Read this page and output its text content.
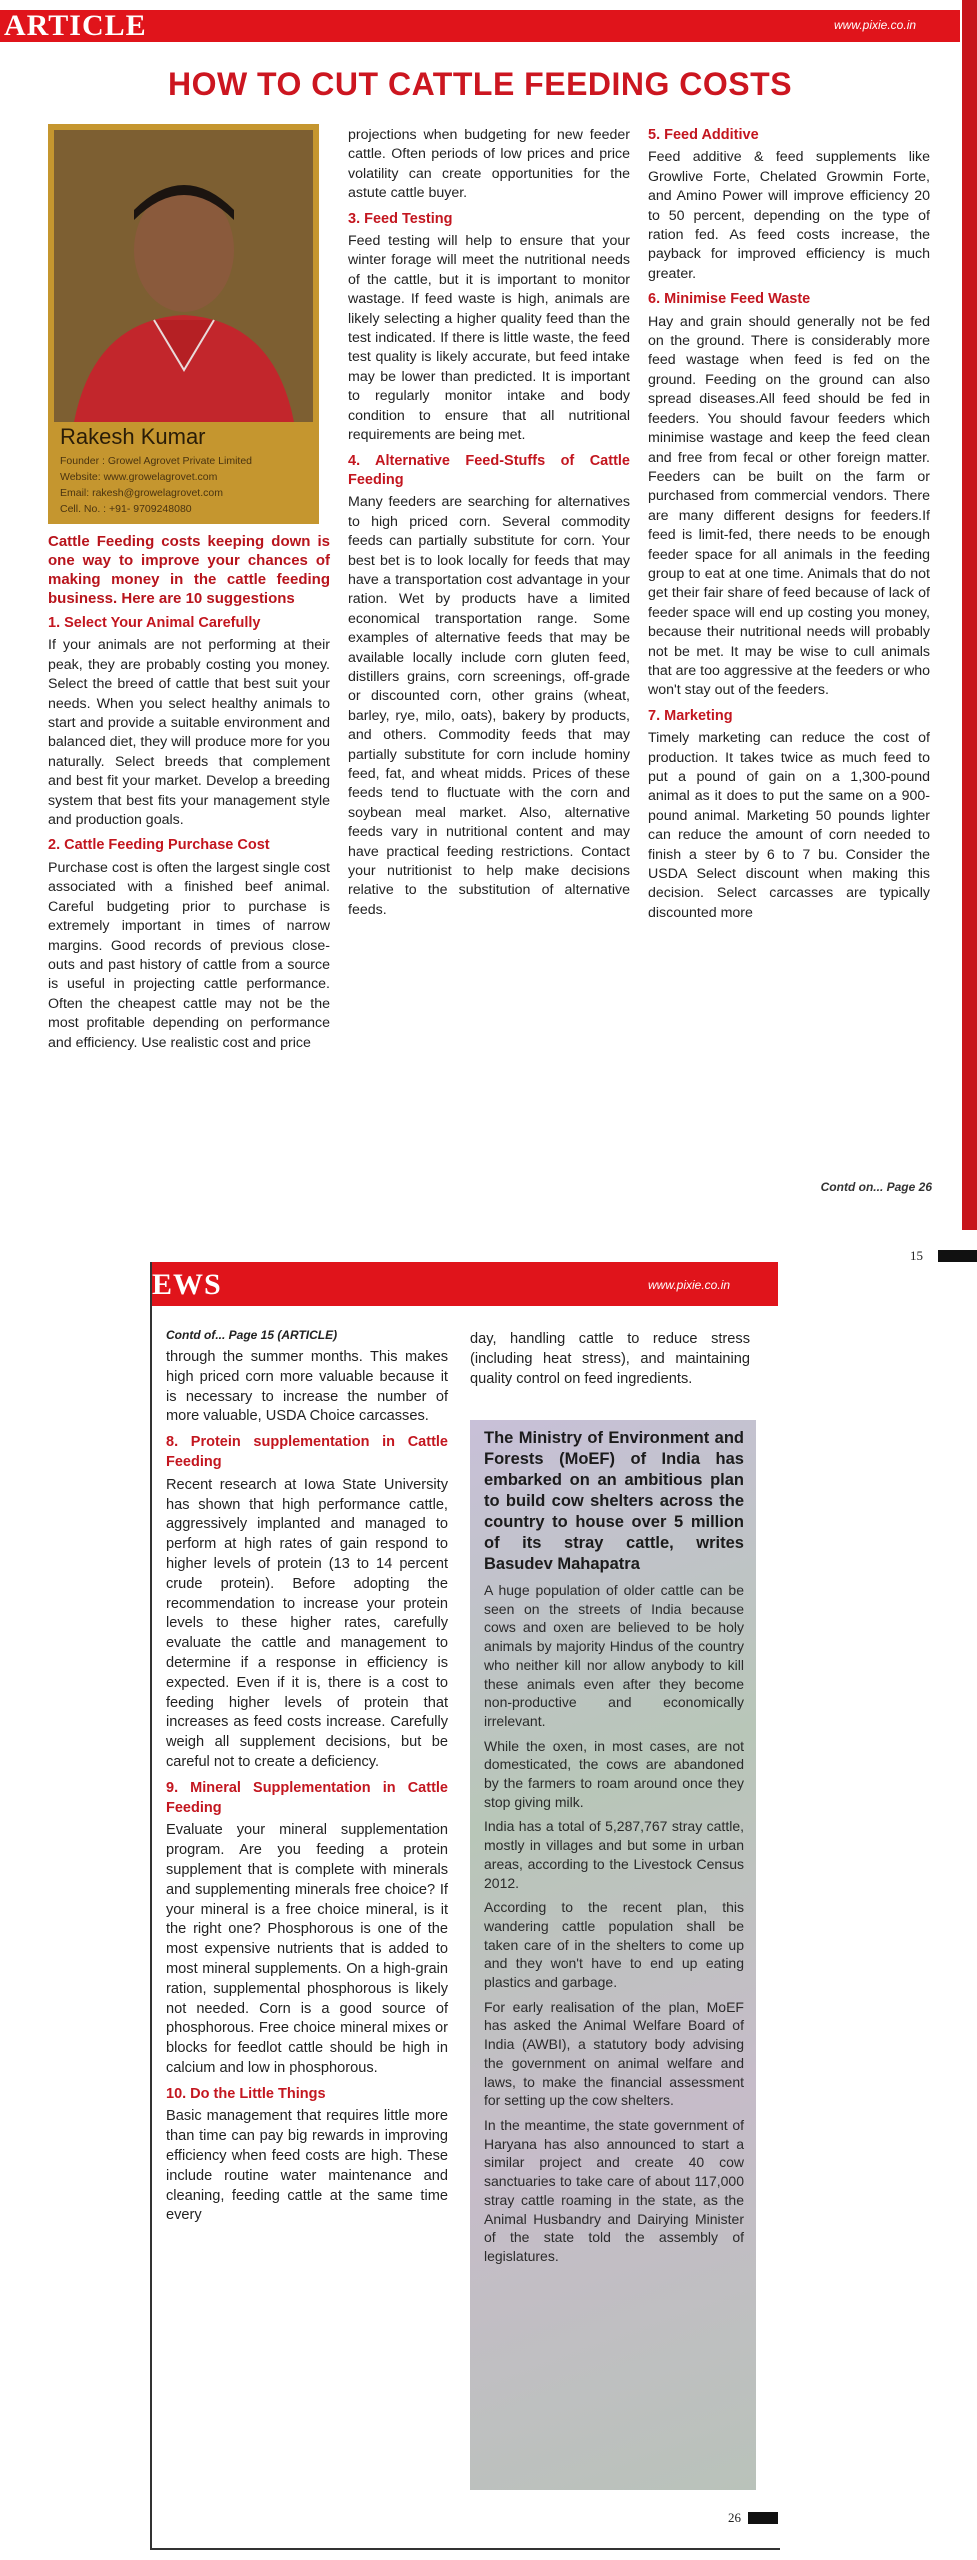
ARTICLE	www.pixie.co.in
HOW TO CUT CATTLE FEEDING COSTS
Rakesh Kumar
Founder : Growel Agrovet Private Limited
Website: www.growelagrovet.com
Email: rakesh@growelagrovet.com
Cell. No. : +91- 9709248080

Cattle Feeding costs keeping down is one way to improve your chances of making money in the cattle feeding business. Here are 10 suggestions

1. Select Your Animal Carefully

If your animals are not performing at their peak, they are probably costing you money. Select the breed of cattle that best suit your needs. When you select healthy animals to start and provide a suitable environment and balanced diet, they will produce more for you naturally. Select breeds that complement and best fit your market. Develop a breeding system that best fits your management style and production goals.

2. Cattle Feeding Purchase Cost

Purchase cost is often the largest single cost associated with a finished beef animal. Careful budgeting prior to purchase is extremely important in times of narrow margins. Good records of previous close-outs and past history of cattle from a source is useful in projecting cattle performance. Often the cheapest cattle may not be the most profitable depending on performance and efficiency. Use realistic cost and price

projections when budgeting for new feeder cattle. Often periods of low prices and price volatility can create opportunities for the astute cattle buyer.

3. Feed Testing

Feed testing will help to ensure that your winter forage will meet the nutritional needs of the cattle, but it is important to monitor wastage. If feed waste is high, animals are likely selecting a higher quality feed than the test indicated. If there is little waste, the feed test quality is likely accurate, but feed intake may be lower than predicted. It is important to regularly monitor intake and body condition to ensure that all nutritional requirements are being met.

4. Alternative Feed-Stuffs of Cattle Feeding

Many feeders are searching for alternatives to high priced corn. Several commodity feeds can partially substitute for corn. Your best bet is to look locally for feeds that may have a transportation cost advantage in your ration. Wet by products have a limited economical transportation range. Some examples of alternative feeds that may be available locally include corn gluten feed, distillers grains, corn screenings, off-grade or discounted corn, other grains (wheat, barley, rye, milo, oats), bakery by products, and others. Commodity feeds that may partially substitute for corn include hominy feed, fat, and wheat midds. Prices of these feeds tend to fluctuate with the corn and soybean meal market. Also, alternative feeds vary in nutritional content and may have practical feeding restrictions. Contact your nutritionist to help make decisions relative to the substitution of alternative feeds.

5. Feed Additive

Feed additive & feed supplements like Growlive Forte, Chelated Growmin Forte, and Amino Power will improve efficiency 20 to 50 percent, depending on the type of ration fed. As feed costs increase, the payback for improved efficiency is much greater.

6. Minimise Feed Waste

Hay and grain should generally not be fed on the ground. There is considerably more feed wastage when feed is fed on the ground. Feeding on the ground can also spread diseases.All feed should be fed in feeders. You should favour feeders which minimise wastage and keep the feed clean and free from fecal or other foreign matter. Feeders can be built on the farm or purchased from commercial vendors. There are many different designs for feeders.If feed is limit-fed, there needs to be enough feeder space for all animals in the feeding group to eat at one time. Animals that do not get their fair share of feed because of lack of feeder space will end up costing you money, because their nutritional needs will probably not be met. It may be wise to cull animals that are too aggressive at the feeders or who won't stay out of the feeders.

7. Marketing

Timely marketing can reduce the cost of production. It takes twice as much feed to put a pound of gain on a 1,300-pound animal as it does to put the same on a 900-pound animal. Marketing 50 pounds lighter can reduce the amount of corn needed to finish a steer by 6 to 7 bu. Consider the USDA Select discount when making this decision. Select carcasses are typically discounted more

Contd on... Page 26
15
EWS	www.pixie.co.in
Contd of... Page 15 (ARTICLE)

through the summer months. This makes high priced corn more valuable because it is necessary to increase the number of more valuable, USDA Choice carcasses.

8. Protein supplementation in Cattle Feeding

Recent research at Iowa State University has shown that high performance cattle, aggressively implanted and managed to perform at high rates of gain respond to higher levels of protein (13 to 14 percent crude protein). Before adopting the recommendation to increase your protein levels to these higher rates, carefully evaluate the cattle and management to determine if a response in efficiency is expected. Even if it is, there is a cost to feeding higher levels of protein that increases as feed costs increase. Carefully weigh all supplement decisions, but be careful not to create a deficiency.

9. Mineral Supplementation in Cattle Feeding

Evaluate your mineral supplementation program. Are you feeding a protein supplement that is complete with minerals and supplementing minerals free choice? If your mineral is a free choice mineral, is it the right one? Phosphorous is one of the most expensive nutrients that is added to most mineral supplements. On a high-grain ration, supplemental phosphorous is likely not needed. Corn is a good source of phosphorous. Free choice mineral mixes or blocks for feedlot cattle should be high in calcium and low in phosphorous.

10. Do the Little Things

Basic management that requires little more than time can pay big rewards in improving efficiency when feed costs are high. These include routine water maintenance and cleaning, feeding cattle at the same time every

day, handling cattle to reduce stress (including heat stress), and maintaining quality control on feed ingredients.

The Ministry of Environment and Forests (MoEF) of India has embarked on an ambitious plan to build cow shelters across the country to house over 5 million of its stray cattle, writes Basudev Mahapatra

A huge population of older cattle can be seen on the streets of India because cows and oxen are believed to be holy animals by majority Hindus of the country who neither kill nor allow anybody to kill these animals even after they become non-productive and economically irrelevant.

While the oxen, in most cases, are not domesticated, the cows are abandoned by the farmers to roam around once they stop giving milk.

India has a total of 5,287,767 stray cattle, mostly in villages and but some in urban areas, according to the Livestock Census 2012.

According to the recent plan, this wandering cattle population shall be taken care of in the shelters to come up and they won't have to end up eating plastics and garbage.

For early realisation of the plan, MoEF has asked the Animal Welfare Board of India (AWBI), a statutory body advising the government on animal welfare and laws, to make the financial assessment for setting up the cow shelters.

In the meantime, the state government of Haryana has also announced to start a similar project and create 40 cow sanctuaries to take care of about 117,000 stray cattle roaming in the state, as the Animal Husbandry and Dairying Minister of the state told the assembly of legislatures.

26
